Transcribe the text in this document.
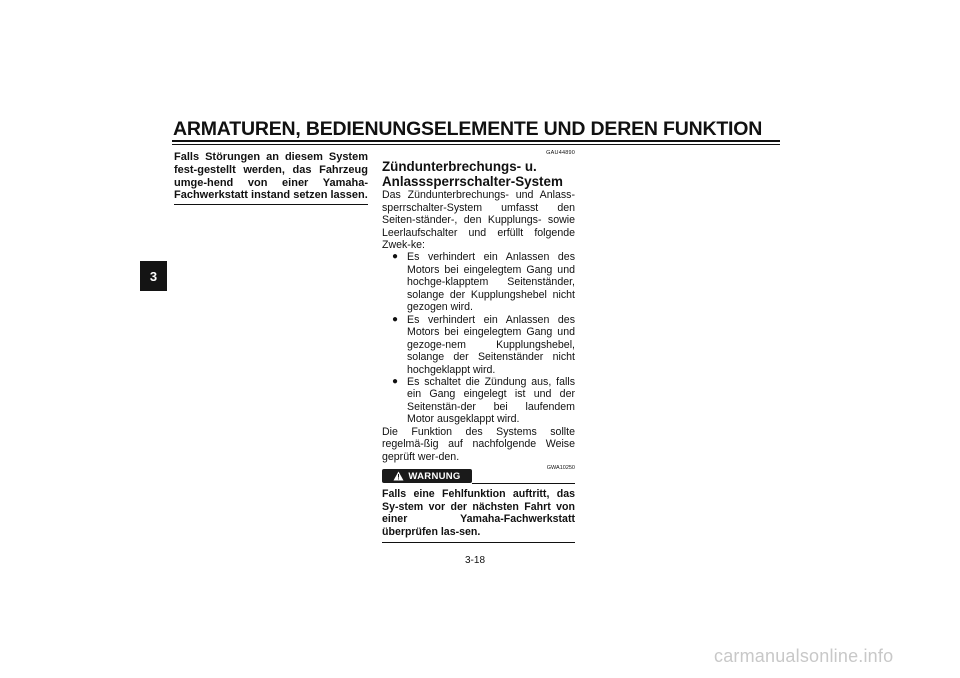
ARMATUREN, BEDIENUNGSELEMENTE UND DEREN FUNKTION
3

Falls Störungen an diesem System fest-gestellt werden, das Fahrzeug umge-hend von einer Yamaha-Fachwerkstatt instand setzen lassen.

GAU44890
Zündunterbrechungs- u. Anlasssperrschalter-System

Das Zündunterbrechungs- und Anlass-sperrschalter-System umfasst den Seiten-ständer-, den Kupplungs- sowie Leerlaufschalter und erfüllt folgende Zwek-ke:

● Es verhindert ein Anlassen des Motors bei eingelegtem Gang und hochge-klapptem Seitenständer, solange der Kupplungshebel nicht gezogen wird.
● Es verhindert ein Anlassen des Motors bei eingelegtem Gang und gezoge-nem Kupplungshebel, solange der Seitenständer nicht hochgeklappt wird.
● Es schaltet die Zündung aus, falls ein Gang eingelegt ist und der Seitenstän-der bei laufendem Motor ausgeklappt wird.

Die Funktion des Systems sollte regelmä-ßig auf nachfolgende Weise geprüft wer-den.

WARNUNG
GWA10250

Falls eine Fehlfunktion auftritt, das Sy-stem vor der nächsten Fahrt von einer Yamaha-Fachwerkstatt überprüfen las-sen.

3-18
carmanualsonline.info
